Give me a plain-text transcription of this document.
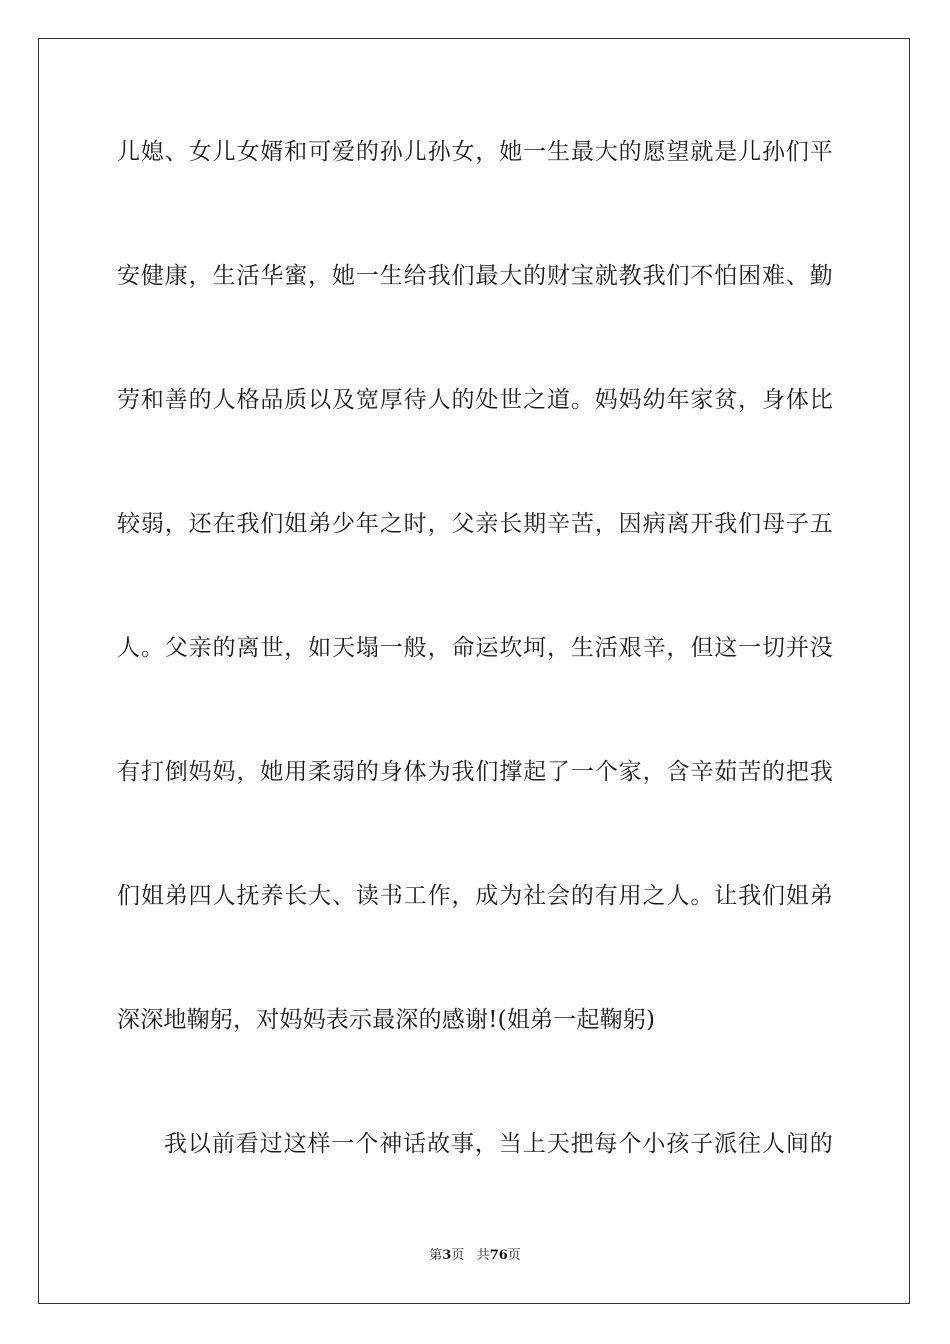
儿媳、女儿女婿和可爱的孙儿孙女，她一生最大的愿望就是儿孙们平
安健康，生活华蜜，她一生给我们最大的财宝就教我们不怕困难、勤
劳和善的人格品质以及宽厚待人的处世之道。妈妈幼年家贫，身体比
较弱，还在我们姐弟少年之时，父亲长期辛苦，因病离开我们母子五
人。父亲的离世，如天塌一般，命运坎坷，生活艰辛，但这一切并没
有打倒妈妈，她用柔弱的身体为我们撑起了一个家，含辛茹苦的把我
们姐弟四人抚养长大、读书工作，成为社会的有用之人。让我们姐弟
深深地鞠躬，对妈妈表示最深的感谢!(姐弟一起鞠躬)
我以前看过这样一个神话故事，当上天把每个小孩子派往人间的
第3页 共76页
